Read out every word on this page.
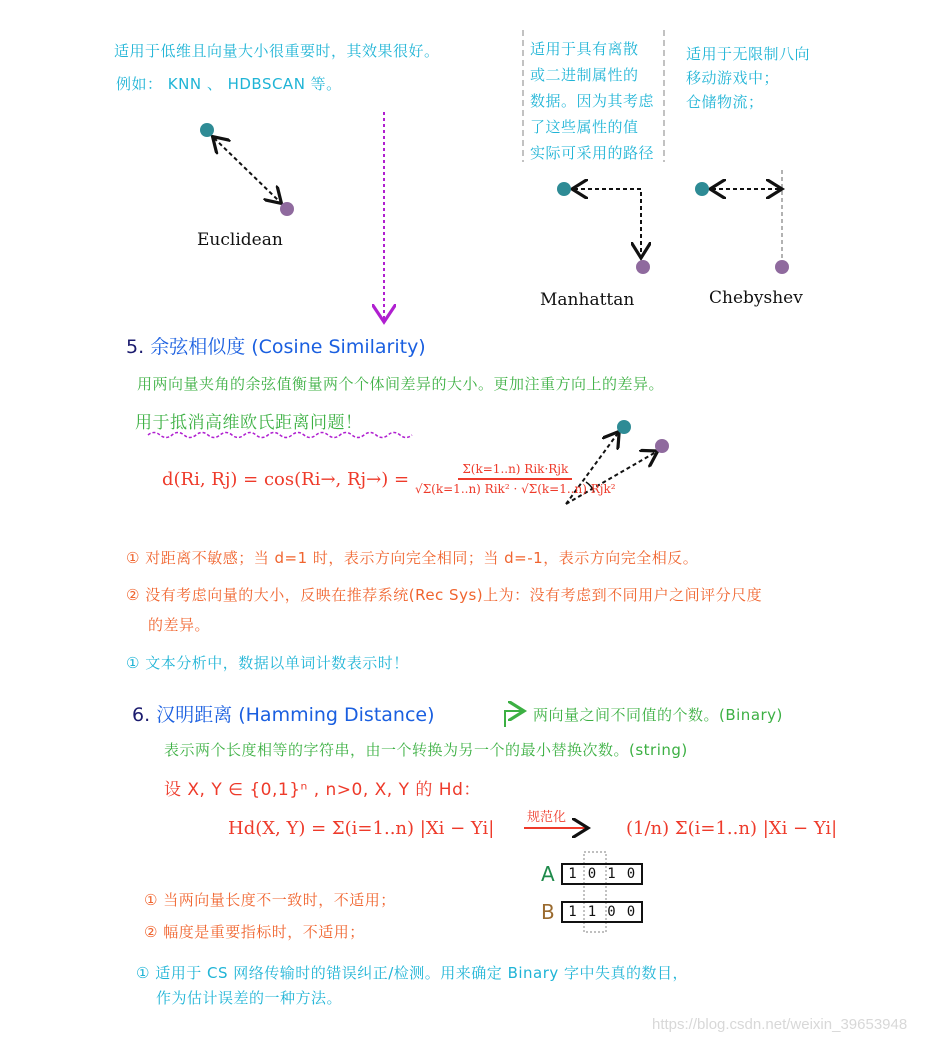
适用于低维且向量大小很重要时，其效果很好。
例如： KNN 、 HDBSCAN 等。
适用于具有离散
或二进制属性的
数据。因为其考虑
了这些属性的值
实际可采用的路径
适用于无限制八向
移动游戏中；
仓储物流；
Euclidean
Manhattan	Chebyshev
5. 余弦相似度 (Cosine Similarity)
用两向量夹角的余弦值衡量两个个体间差异的大小。更加注重方向上的差异。
用于抵消高维欧氏距离问题！
d(Ri, Rj) = cos(Ri→, $Rj\to) = \frac{\text{Σ(k=1..n) Rik·Rjk}}{\text{√Σ(k=1..n) Rik² · √Σ(k=1..n) Rjk²}}$
① 对距离不敏感；当 d=1 时，表示方向完全相同；当 d=-1，表示方向完全相反。
② 没有考虑向量的大小，反映在推荐系统(Rec Sys)上为：没有考虑到不同用户之间评分尺度
的差异。
① 文本分析中，数据以单词计数表示时！
6. 汉明距离 (Hamming Distance)	两向量之间不同值的个数。(Binary)
表示两个长度相等的字符串，由一个转换为另一个的最小替换次数。(string)
设 X, Y ∈ {0,1}ⁿ , n>0, X, Y 的 Hd：
Hd(X, Y) = Σ(i=1..n) |Xi − Yi|
规范化
(1/n) Σ(i=1..n) |Xi − Yi|
A 1 0 1 0
B 1 1 0 0
① 当两向量长度不一致时，不适用；
② 幅度是重要指标时，不适用；
① 适用于 CS 网络传输时的错误纠正/检测。用来确定 Binary 字中失真的数目，
作为估计误差的一种方法。
https://blog.csdn.net/weixin_39653948
